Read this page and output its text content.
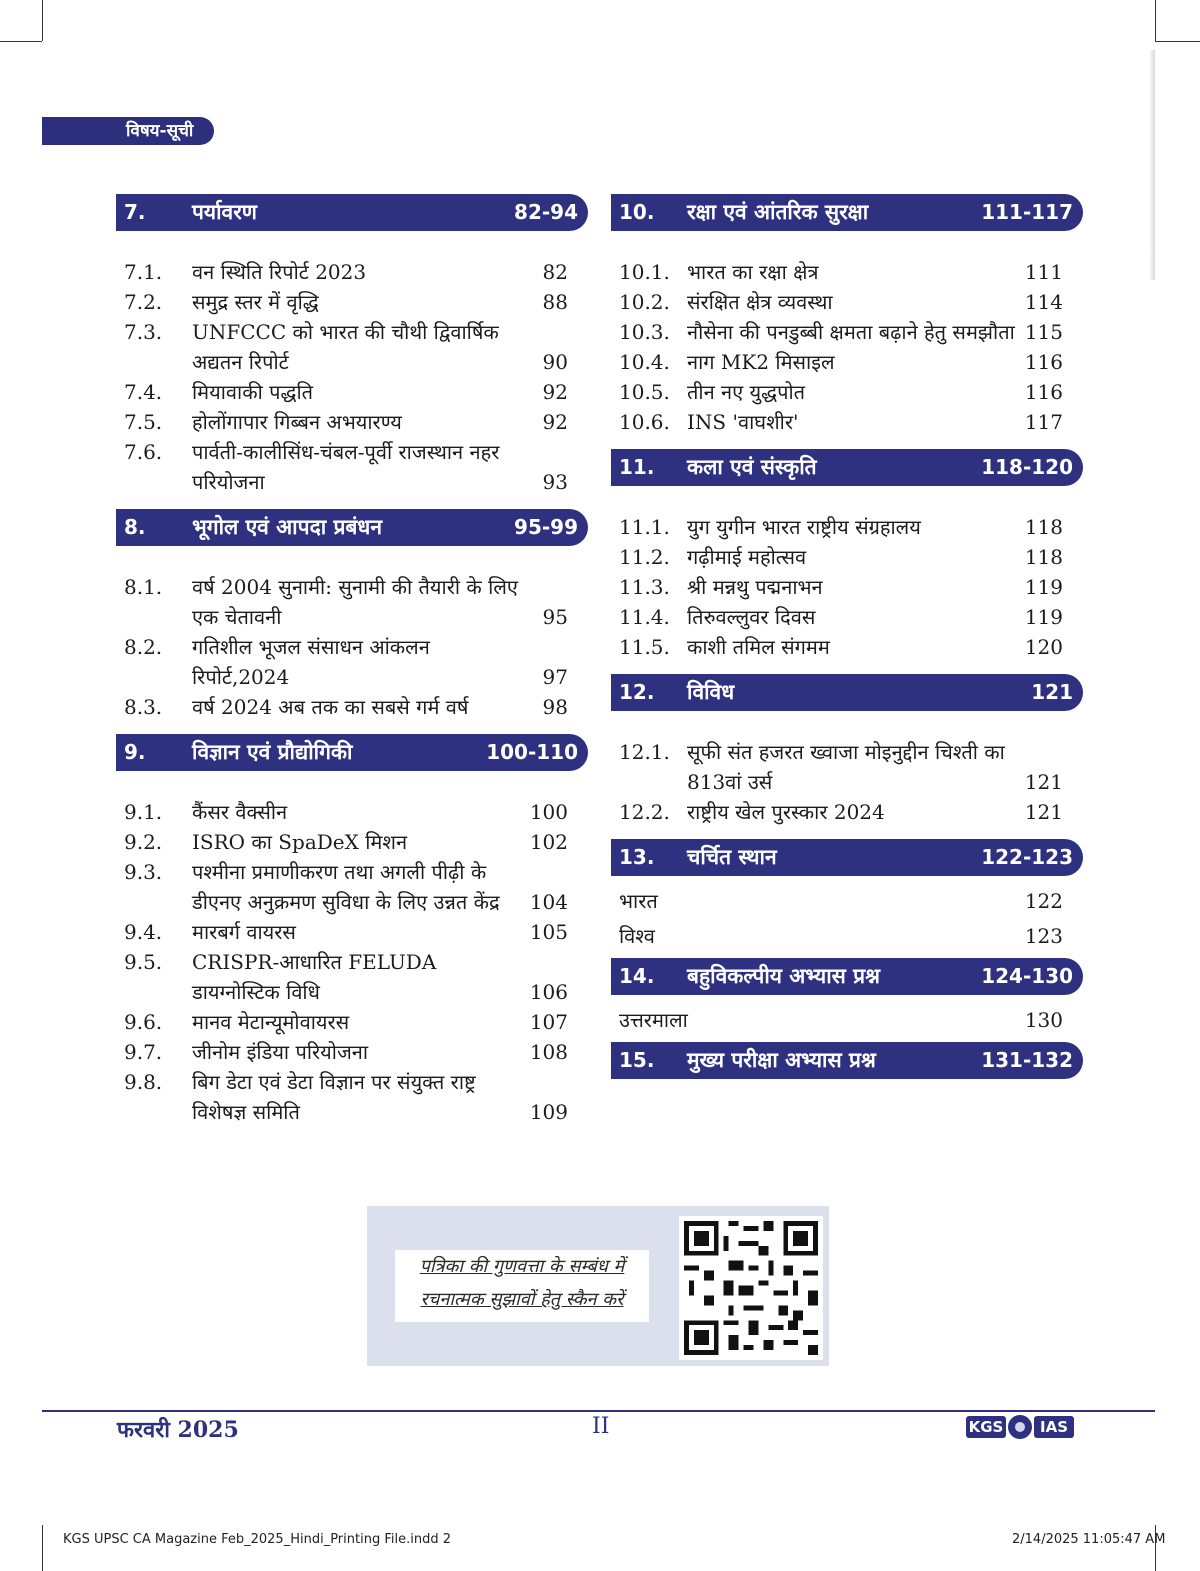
विषय-सूची
7. पर्यावरण	82-94
7.1. वन स्थिति रिपोर्ट 2023	82
7.2. समुद्र स्तर में वृद्धि	88
7.3. UNFCCC को भारत की चौथी द्विवार्षिक अद्यतन रिपोर्ट	90
7.4. मियावाकी पद्धति	92
7.5. होलोंगापार गिब्बन अभयारण्य	92
7.6. पार्वती-कालीसिंध-चंबल-पूर्वी राजस्थान नहर परियोजना	93
8. भूगोल एवं आपदा प्रबंधन	95-99
8.1. वर्ष 2004 सुनामी: सुनामी की तैयारी के लिए एक चेतावनी	95
8.2. गतिशील भूजल संसाधन आंकलन रिपोर्ट,2024	97
8.3. वर्ष 2024 अब तक का सबसे गर्म वर्ष	98
9. विज्ञान एवं प्रौद्योगिकी	100-110
9.1. कैंसर वैक्सीन	100
9.2. ISRO का SpaDeX मिशन	102
9.3. पश्मीना प्रमाणीकरण तथा अगली पीढ़ी के डीएनए अनुक्रमण सुविधा के लिए उन्नत केंद्र	104
9.4. मारबर्ग वायरस	105
9.5. CRISPR-आधारित FELUDA डायग्नोस्टिक विधि	106
9.6. मानव मेटान्यूमोवायरस	107
9.7. जीनोम इंडिया परियोजना	108
9.8. बिग डेटा एवं डेटा विज्ञान पर संयुक्त राष्ट्र विशेषज्ञ समिति	109
10. रक्षा एवं आंतरिक सुरक्षा	111-117
10.1. भारत का रक्षा क्षेत्र	111
10.2. संरक्षित क्षेत्र व्यवस्था	114
10.3. नौसेना की पनडुब्बी क्षमता बढ़ाने हेतु समझौता 115
10.4. नाग MK2 मिसाइल	116
10.5. तीन नए युद्धपोत	116
10.6. INS 'वाघशीर'	117
11. कला एवं संस्कृति	118-120
11.1. युग युगीन भारत राष्ट्रीय संग्रहालय	118
11.2. गढ़ीमाई महोत्सव	118
11.3. श्री मन्नथु पद्मनाभन	119
11.4. तिरुवल्लुवर दिवस	119
11.5. काशी तमिल संगमम	120
12. विविध	121
12.1. सूफी संत हजरत ख्वाजा मोइनुद्दीन चिश्ती का 813वां उर्स	121
12.2. राष्ट्रीय खेल पुरस्कार 2024	121
13. चर्चित स्थान	122-123
भारत	122
विश्व	123
14. बहुविकल्पीय अभ्यास प्रश्न	124-130
उत्तरमाला	130
15. मुख्य परीक्षा अभ्यास प्रश्न	131-132
पत्रिका की गुणवत्ता के सम्बंध में
रचनात्मक सुझावों हेतु स्कैन करें
फरवरी 2025	II	KGS	IAS
KGS UPSC CA Magazine Feb_2025_Hindi_Printing File.indd 2	2/14/2025 11:05:47 AM
